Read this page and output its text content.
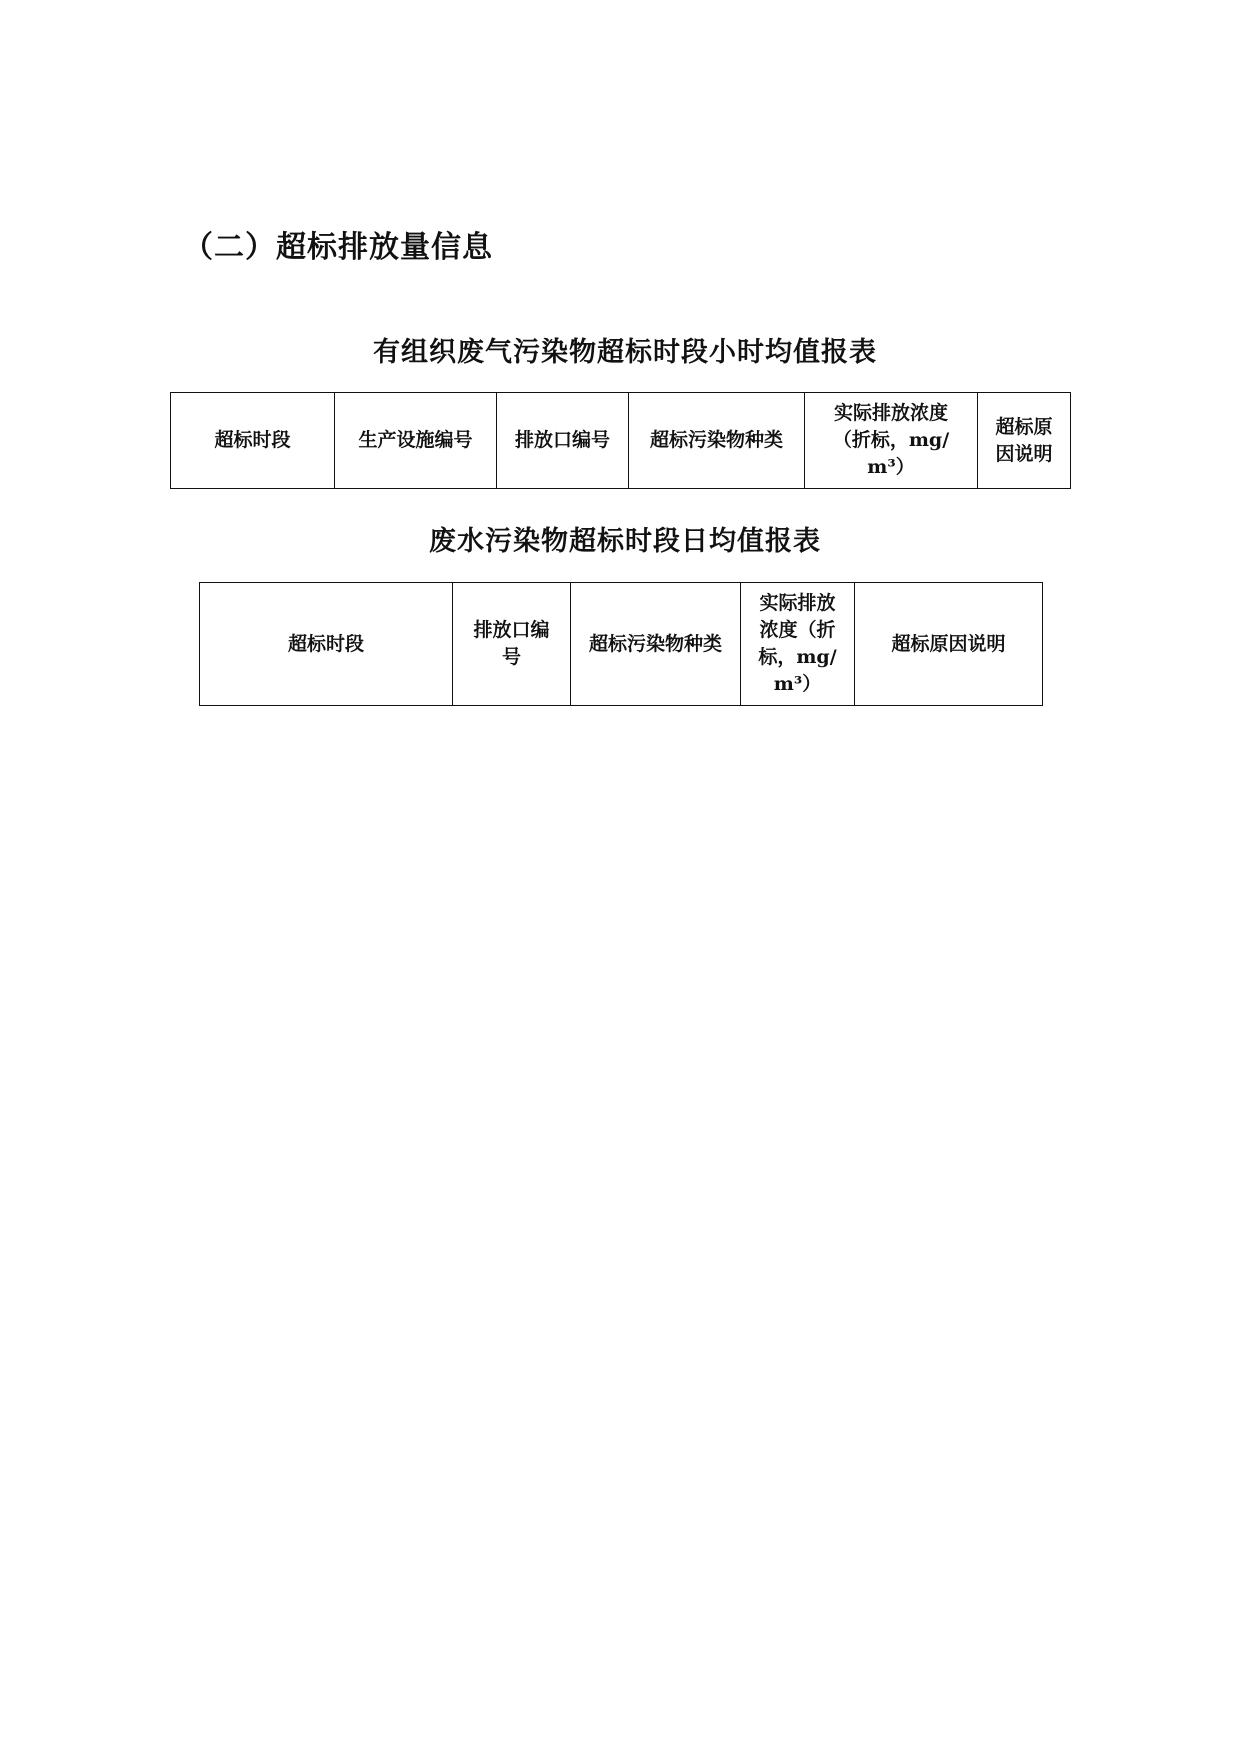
（二）超标排放量信息
有组织废气污染物超标时段小时均值报表
超标时段	生产设施编号	排放口编号	超标污染物种类	实际排放浓度（折标，mg/m³）	超标原因说明
废水污染物超标时段日均值报表
超标时段	排放口编号	超标污染物种类	实际排放浓度（折标，mg/m³）	超标原因说明
